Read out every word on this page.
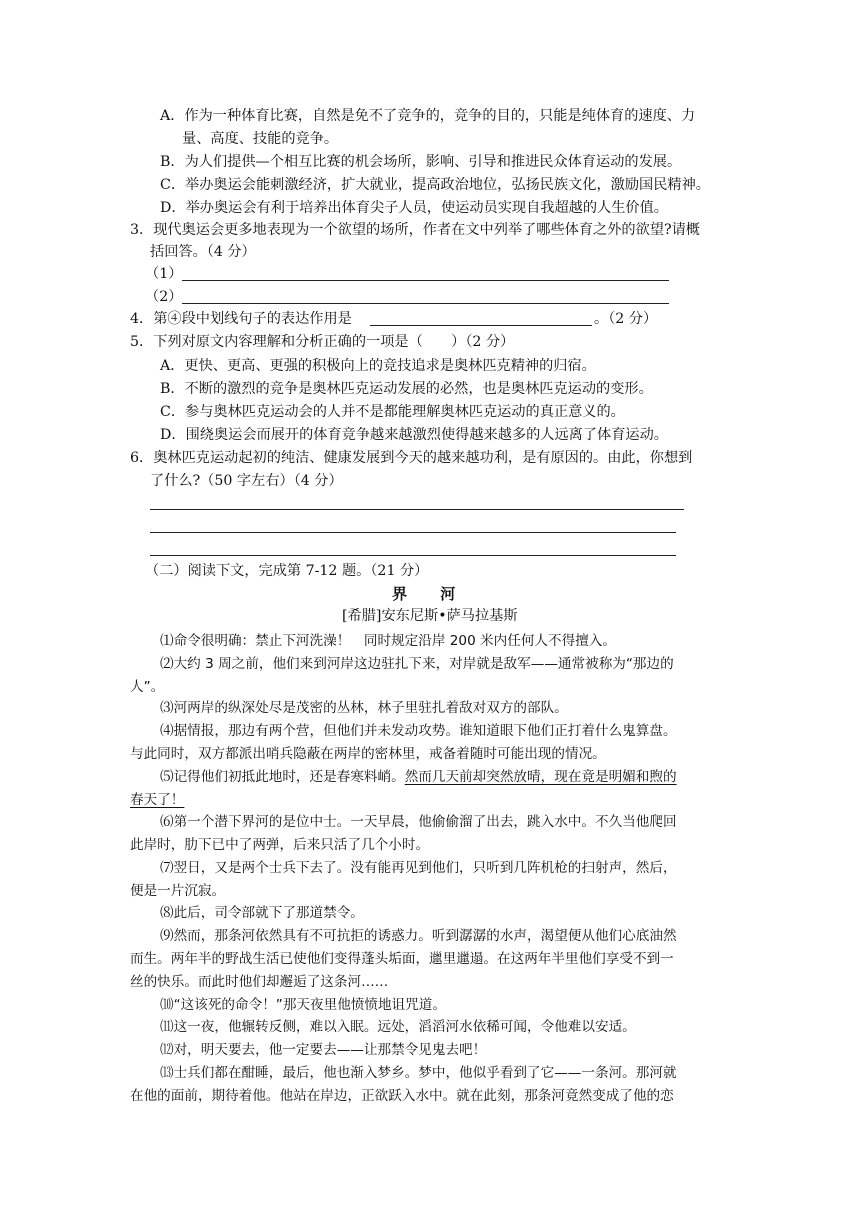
A．作为一种体育比赛，自然是免不了竞争的，竞争的目的，只能是纯体育的速度、力
量、高度、技能的竞争。
B．为人们提供—个相互比赛的机会场所，影响、引导和推进民众体育运动的发展。
C．举办奥运会能刺激经济，扩大就业，提高政治地位，弘扬民族文化，激励国民精神。
D．举办奥运会有利于培养出体育尖子人员，使运动员实现自我超越的人生价值。
3．现代奥运会更多地表现为一个欲望的场所，作者在文中列举了哪些体育之外的欲望?请概
括回答。（4 分）
（1）
（2）
4．第④段中划线句子的表达作用是	。（2 分）
5．下列对原文内容理解和分析正确的一项是（　　）（2 分）
A．更快、更高、更强的积极向上的竞技追求是奥林匹克精神的归宿。
B．不断的激烈的竞争是奥林匹克运动发展的必然，也是奥林匹克运动的变形。
C．参与奥林匹克运动会的人并不是都能理解奥林匹克运动的真正意义的。
D．围绕奥运会而展开的体育竞争越来越激烈使得越来越多的人远离了体育运动。
6．奥林匹克运动起初的纯洁、健康发展到今天的越来越功利，是有原因的。由此，你想到
了什么?（50 字左右）（4 分）
（二）阅读下文，完成第 7-12 题。（21 分）
界 河
[希腊]安东尼斯•萨马拉基斯
⑴命令很明确：禁止下河洗澡！　同时规定沿岸 200 米内任何人不得擅入。
⑵大约 3 周之前，他们来到河岸这边驻扎下来，对岸就是敌军——通常被称为“那边的
人”。
⑶河两岸的纵深处尽是茂密的丛林，林子里驻扎着敌对双方的部队。
⑷据情报，那边有两个营，但他们并未发动攻势。谁知道眼下他们正打着什么鬼算盘。
与此同时，双方都派出哨兵隐蔽在两岸的密林里，戒备着随时可能出现的情况。
⑸记得他们初抵此地时，还是春寒料峭。然而几天前却突然放晴，现在竟是明媚和煦的
春天了！
⑹第一个潜下界河的是位中士。一天早晨，他偷偷溜了出去，跳入水中。不久当他爬回
此岸时，肋下已中了两弹，后来只活了几个小时。
⑺翌日，又是两个士兵下去了。没有能再见到他们，只听到几阵机枪的扫射声，然后，
便是一片沉寂。
⑻此后，司令部就下了那道禁令。
⑼然而，那条河依然具有不可抗拒的诱惑力。听到潺潺的水声，渴望便从他们心底油然
而生。两年半的野战生活已使他们变得蓬头垢面，邋里邋遢。在这两年半里他们享受不到一
丝的快乐。而此时他们却邂逅了这条河……
⑽“这该死的命令！”那天夜里他愤愤地诅咒道。
⑾这一夜，他辗转反侧，难以入眠。远处，滔滔河水依稀可闻，令他难以安适。
⑿对，明天要去，他一定要去——让那禁令见鬼去吧！
⒀士兵们都在酣睡，最后，他也渐入梦乡。梦中，他似乎看到了它——一条河。那河就
在他的面前，期待着他。他站在岸边，正欲跃入水中。就在此刻，那条河竟然变成了他的恋
